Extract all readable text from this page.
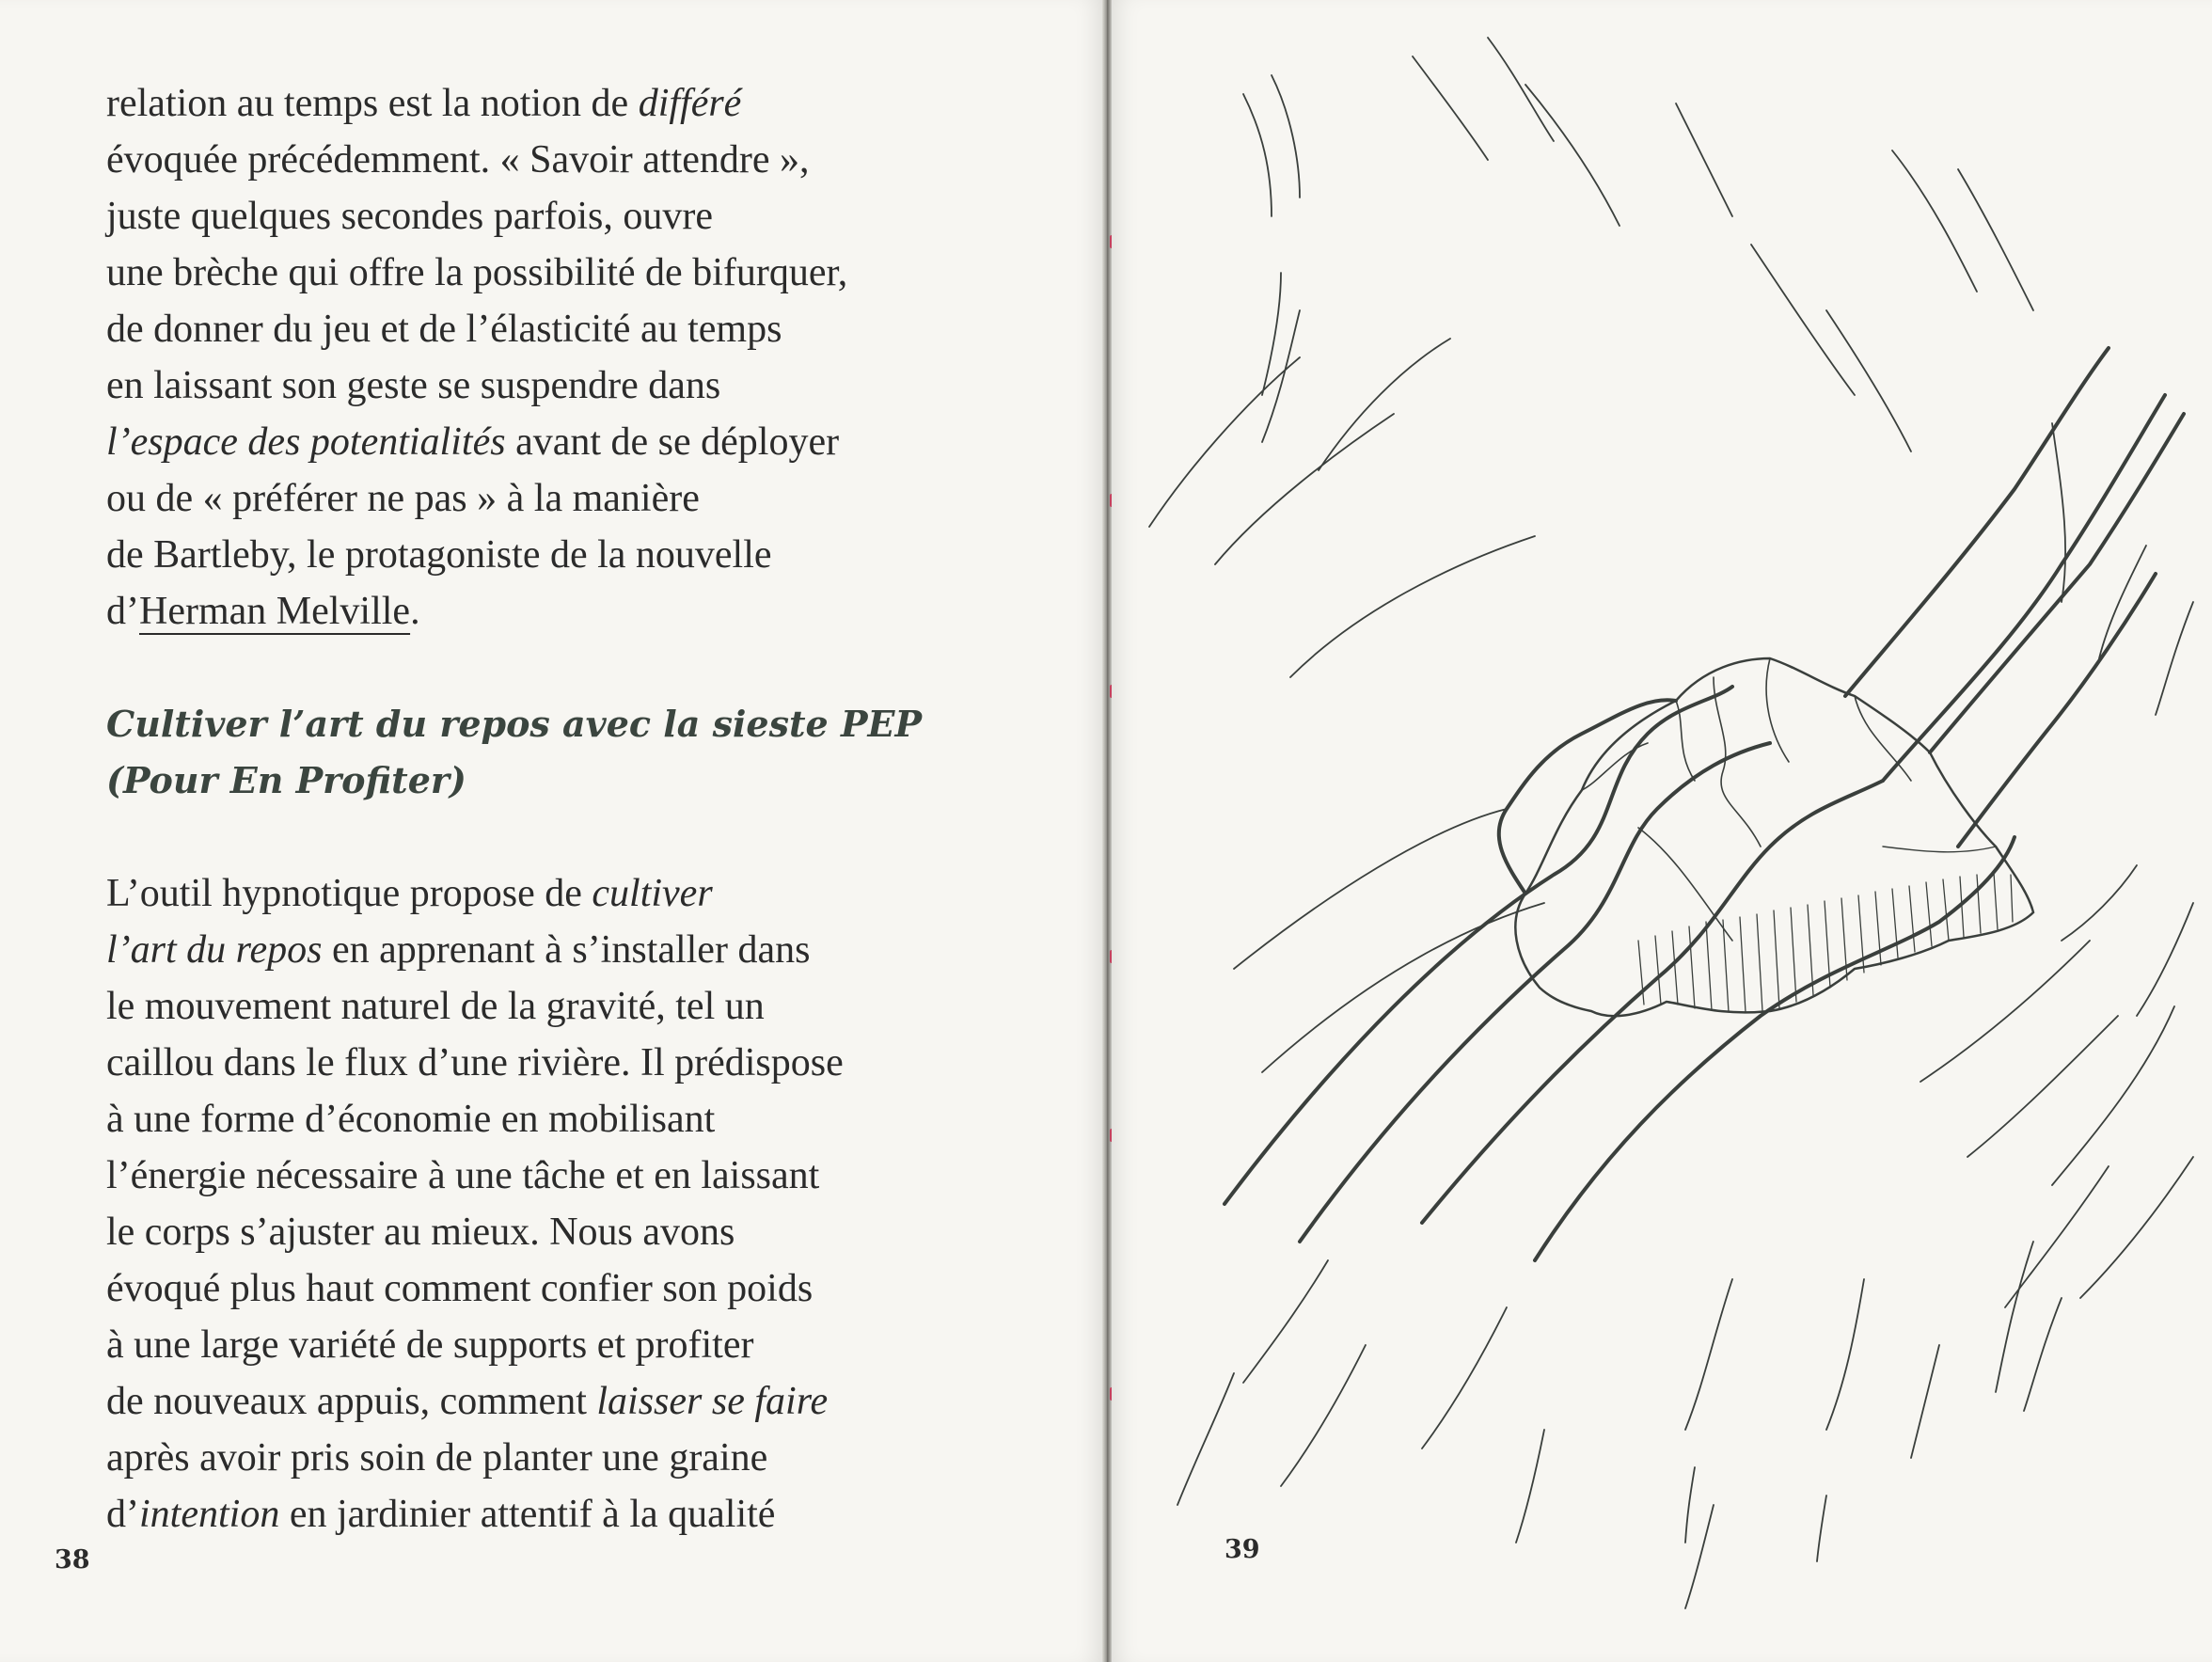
relation au temps est la notion de différé

évoquée précédemment. « Savoir attendre »,

juste quelques secondes parfois, ouvre

une brèche qui offre la possibilité de bifurquer,

de donner du jeu et de l’élasticité au temps

en laissant son geste se suspendre dans

l’espace des potentialités avant de se déployer

ou de « préférer ne pas » à la manière

de Bartleby, le protagoniste de la nouvelle

d’Herman Melville.

Cultiver l’art du repos avec la sieste PEP
(Pour En Profiter)

L’outil hypnotique propose de cultiver

l’art du repos en apprenant à s’installer dans

le mouvement naturel de la gravité, tel un

caillou dans le flux d’une rivière. Il prédispose

à une forme d’économie en mobilisant

l’énergie nécessaire à une tâche et en laissant

le corps s’ajuster au mieux. Nous avons

évoqué plus haut comment confier son poids

à une large variété de supports et profiter

de nouveaux appuis, comment laisser se faire

après avoir pris soin de planter une graine

d’intention en jardinier attentif à la qualité

38	39
